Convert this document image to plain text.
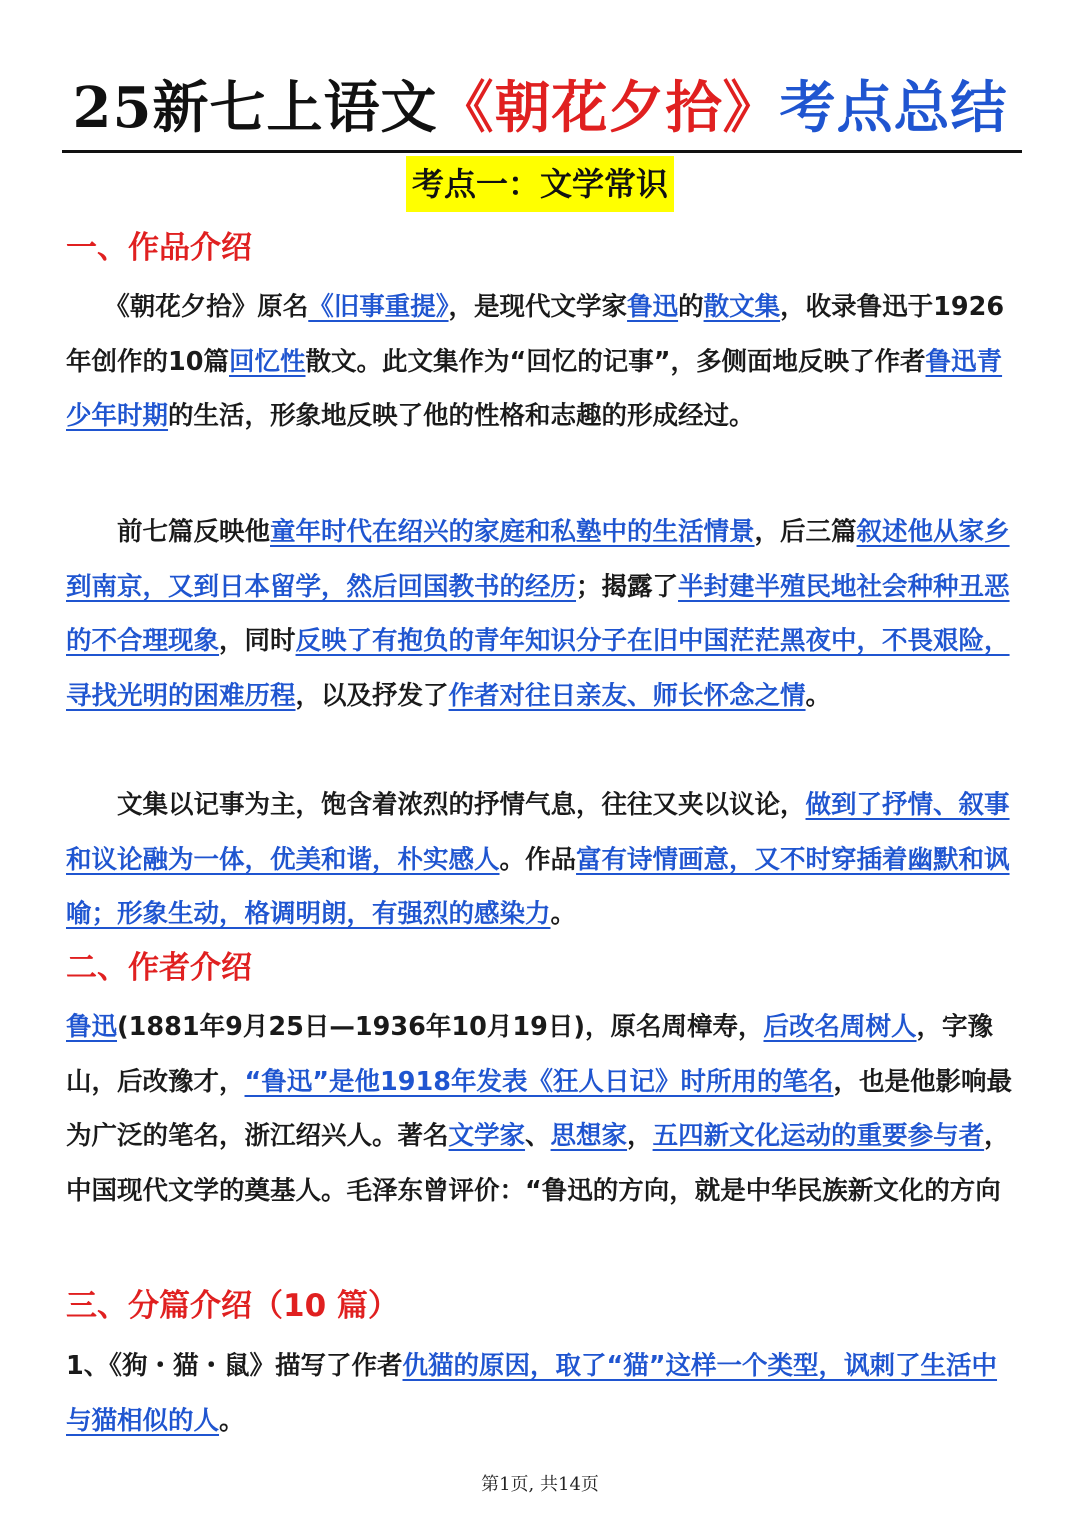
25新七上语文《朝花夕拾》考点总结
考点一：文学常识
一、作品介绍
　　《朝花夕拾》原名《旧事重提》，是现代文学家鲁迅的散文集，收录鲁迅于1926年创作的10篇回忆性散文。此文集作为“回忆的记事”，多侧面地反映了作者鲁迅青少年时期的生活，形象地反映了他的性格和志趣的形成经过。
　　前七篇反映他童年时代在绍兴的家庭和私塾中的生活情景，后三篇叙述他从家乡到南京，又到日本留学，然后回国教书的经历；揭露了半封建半殖民地社会种种丑恶的不合理现象，同时反映了有抱负的青年知识分子在旧中国茫茫黑夜中，不畏艰险，寻找光明的困难历程，以及抒发了作者对往日亲友、师长怀念之情。
　　文集以记事为主，饱含着浓烈的抒情气息，往往又夹以议论，做到了抒情、叙事和议论融为一体，优美和谐，朴实感人。作品富有诗情画意，又不时穿插着幽默和讽喻；形象生动，格调明朗，有强烈的感染力。
二、作者介绍
鲁迅(1881年9月25日—1936年10月19日)，原名周樟寿，后改名周树人，字豫山，后改豫才，“鲁迅”是他1918年发表《狂人日记》时所用的笔名，也是他影响最为广泛的笔名，浙江绍兴人。著名文学家、思想家，五四新文化运动的重要参与者，中国现代文学的奠基人。毛泽东曾评价：“鲁迅的方向，就是中华民族新文化的方向
三、分篇介绍（10 篇）
1、《狗・猫・鼠》描写了作者仇猫的原因，取了“猫”这样一个类型，讽刺了生活中与猫相似的人。
第1页, 共14页
